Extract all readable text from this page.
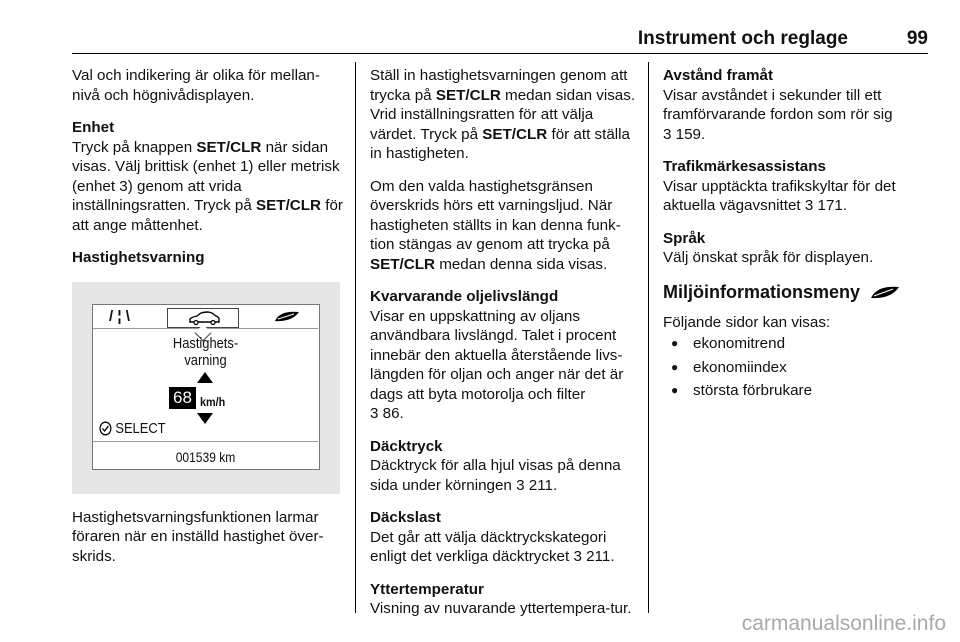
Instrument och reglage	99

Val och indikering är olika för mellan-nivå och högnivådisplayen.

Enhet

Tryck på knappen SET/CLR när sidan visas. Välj brittisk (enhet 1) eller metrisk (enhet 3) genom att vrida inställningsratten. Tryck på SET/CLR för att ange måttenhet.

Hastighetsvarning
/ ¦ \
Hastighets-
varning
68 km/h
SELECT
001539 km

Hastighetsvarningsfunktionen larmar föraren när en inställd hastighet över-skrids.

Ställ in hastighetsvarningen genom att trycka på SET/CLR medan sidan visas. Vrid inställningsratten för att välja värdet. Tryck på SET/CLR för att ställa in hastigheten.

Om den valda hastighetsgränsen överskrids hörs ett varningsljud. När hastigheten ställts in kan denna funk-tion stängas av genom att trycka på SET/CLR medan denna sida visas.

Kvarvarande oljelivslängd

Visar en uppskattning av oljans användbara livslängd. Talet i procent innebär den aktuella återstående livs-längden för oljan och anger när det är dags att byta motorolja och filter

3 86.

Däcktryck

Däcktryck för alla hjul visas på denna sida under körningen 3 211.

Däckslast

Det går att välja däcktryckskategori enligt det verkliga däcktrycket 3 211.

Yttertemperatur

Visning av nuvarande yttertempera-tur.

Avstånd framåt

Visar avståndet i sekunder till ett framförvarande fordon som rör sig

3 159.

Trafikmärkesassistans

Visar upptäckta trafikskyltar för det aktuella vägavsnittet 3 171.

Språk

Välj önskat språk för displayen.

Miljöinformationsmeny

Följande sidor kan visas:

● ekonomitrend
● ekonomiindex
● största förbrukare
carmanualsonline.info
